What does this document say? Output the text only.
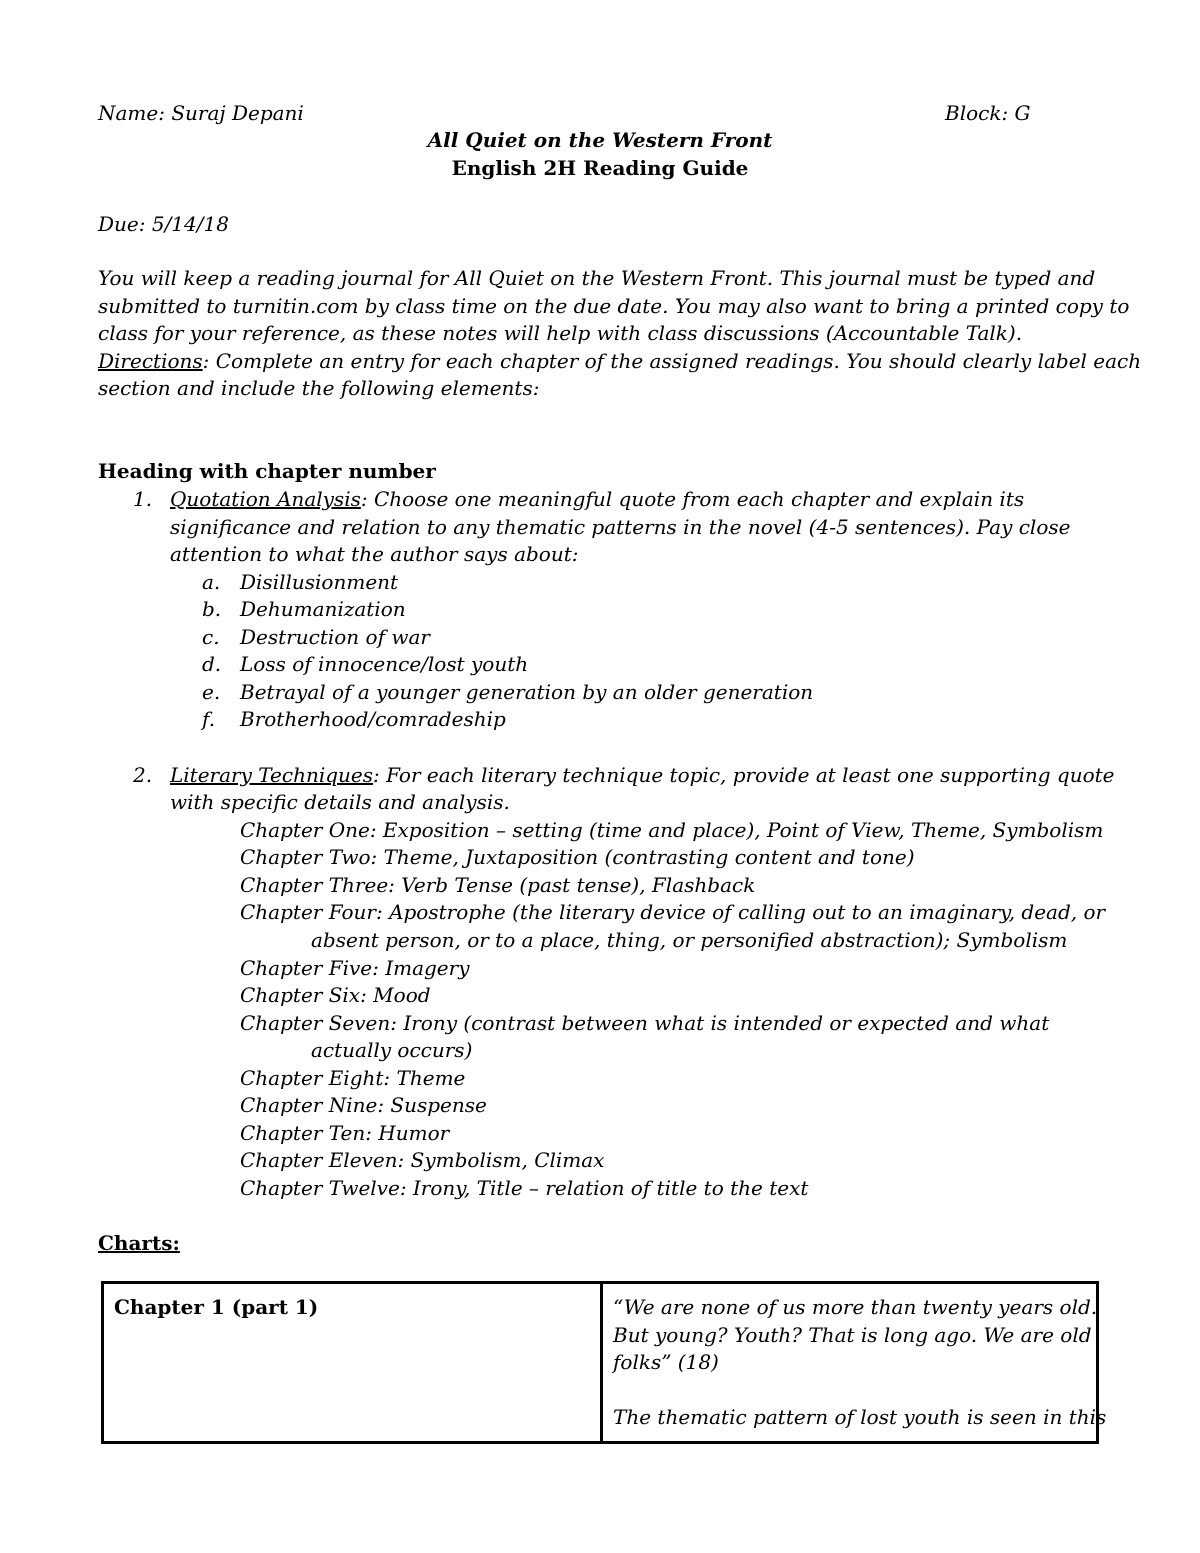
Name: Suraj Depani	Block: G
All Quiet on the Western Front
English 2H Reading Guide
Due: 5/14/18
You will keep a reading journal for All Quiet on the Western Front. This journal must be typed and
submitted to turnitin.com by class time on the due date. You may also want to bring a printed copy to
class for your reference, as these notes will help with class discussions (Accountable Talk).
Directions: Complete an entry for each chapter of the assigned readings. You should clearly label each
section and include the following elements:
Heading with chapter number
1. Quotation Analysis: Choose one meaningful quote from each chapter and explain its
significance and relation to any thematic patterns in the novel (4-5 sentences). Pay close
attention to what the author says about:
a. Disillusionment
b. Dehumanization
c. Destruction of war
d. Loss of innocence/lost youth
e. Betrayal of a younger generation by an older generation
f. Brotherhood/comradeship
2. Literary Techniques: For each literary technique topic, provide at least one supporting quote
with specific details and analysis.
Chapter One: Exposition – setting (time and place), Point of View, Theme, Symbolism
Chapter Two: Theme, Juxtaposition (contrasting content and tone)
Chapter Three: Verb Tense (past tense), Flashback
Chapter Four: Apostrophe (the literary device of calling out to an imaginary, dead, or
absent person, or to a place, thing, or personified abstraction); Symbolism
Chapter Five: Imagery
Chapter Six: Mood
Chapter Seven: Irony (contrast between what is intended or expected and what
actually occurs)
Chapter Eight: Theme
Chapter Nine: Suspense
Chapter Ten: Humor
Chapter Eleven: Symbolism, Climax
Chapter Twelve: Irony, Title – relation of title to the text
Charts:
Chapter 1 (part 1)	“We are none of us more than twenty years old.
But young? Youth? That is long ago. We are old
folks” (18)
The thematic pattern of lost youth is seen in this
